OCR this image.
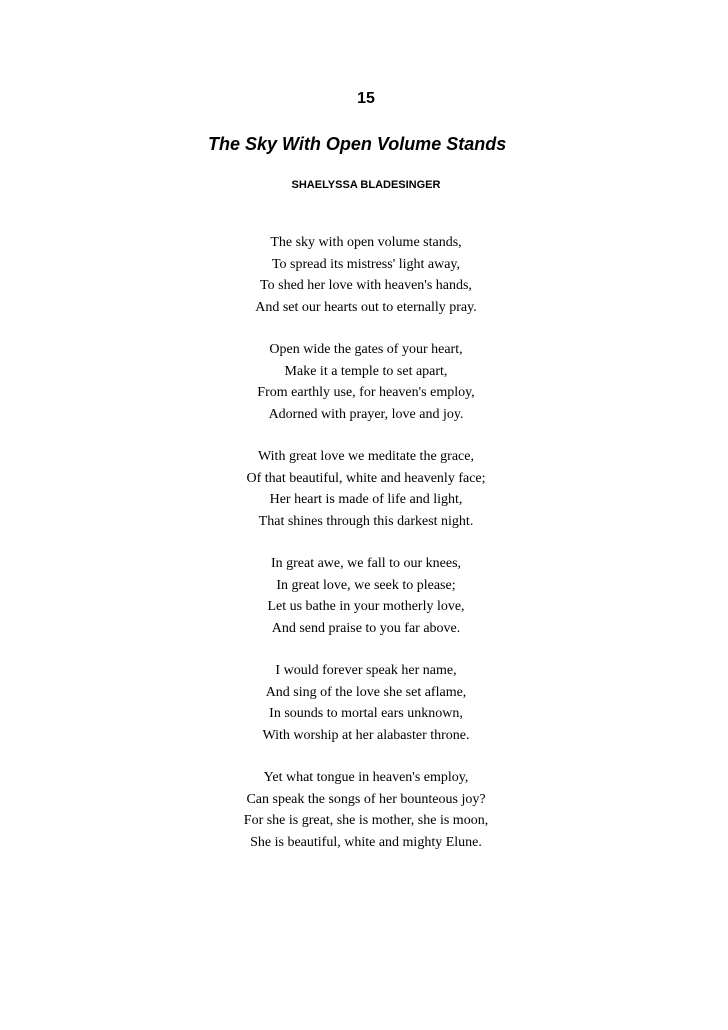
15
The Sky With Open Volume Stands
SHAELYSSA BLADESINGER
The sky with open volume stands,
To spread its mistress' light away,
To shed her love with heaven's hands,
And set our hearts out to eternally pray.
Open wide the gates of your heart,
Make it a temple to set apart,
From earthly use, for heaven's employ,
Adorned with prayer, love and joy.
With great love we meditate the grace,
Of that beautiful, white and heavenly face;
Her heart is made of life and light,
That shines through this darkest night.
In great awe, we fall to our knees,
In great love, we seek to please;
Let us bathe in your motherly love,
And send praise to you far above.
I would forever speak her name,
And sing of the love she set aflame,
In sounds to mortal ears unknown,
With worship at her alabaster throne.
Yet what tongue in heaven's employ,
Can speak the songs of her bounteous joy?
For she is great, she is mother, she is moon,
She is beautiful, white and mighty Elune.
